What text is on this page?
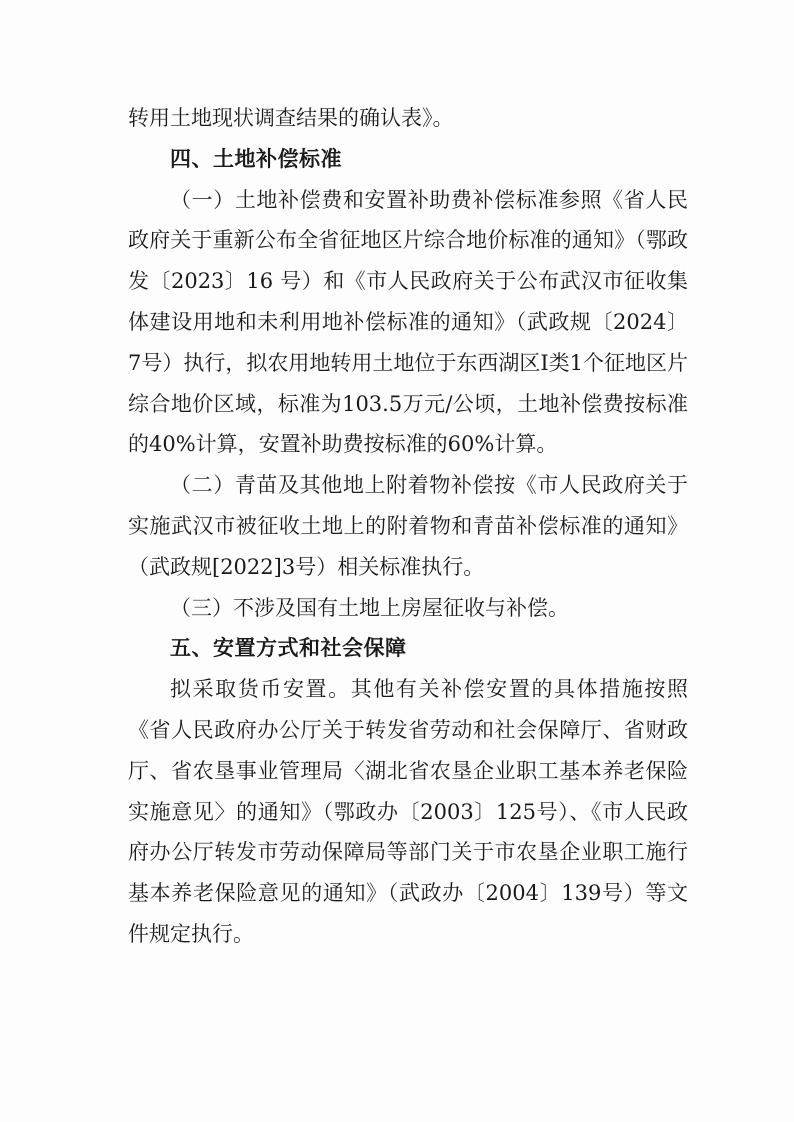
转用土地现状调查结果的确认表》。

四、土地补偿标准

（一）土地补偿费和安置补助费补偿标准参照《省人民政府关于重新公布全省征地区片综合地价标准的通知》（鄂政发〔2023〕16 号）和《市人民政府关于公布武汉市征收集体建设用地和未利用地补偿标准的通知》（武政规〔2024〕7号）执行，拟农用地转用土地位于东西湖区Ⅰ类1个征地区片综合地价区域，标准为103.5万元/公顷，土地补偿费按标准的40%计算，安置补助费按标准的60%计算。

（二）青苗及其他地上附着物补偿按《市人民政府关于实施武汉市被征收土地上的附着物和青苗补偿标准的通知》（武政规[2022]3号）相关标准执行。

（三）不涉及国有土地上房屋征收与补偿。

五、安置方式和社会保障

拟采取货币安置。其他有关补偿安置的具体措施按照《省人民政府办公厅关于转发省劳动和社会保障厅、省财政厅、省农垦事业管理局〈湖北省农垦企业职工基本养老保险实施意见〉的通知》（鄂政办〔2003〕125号）、《市人民政府办公厅转发市劳动保障局等部门关于市农垦企业职工施行基本养老保险意见的通知》（武政办〔2004〕139号）等文件规定执行。
